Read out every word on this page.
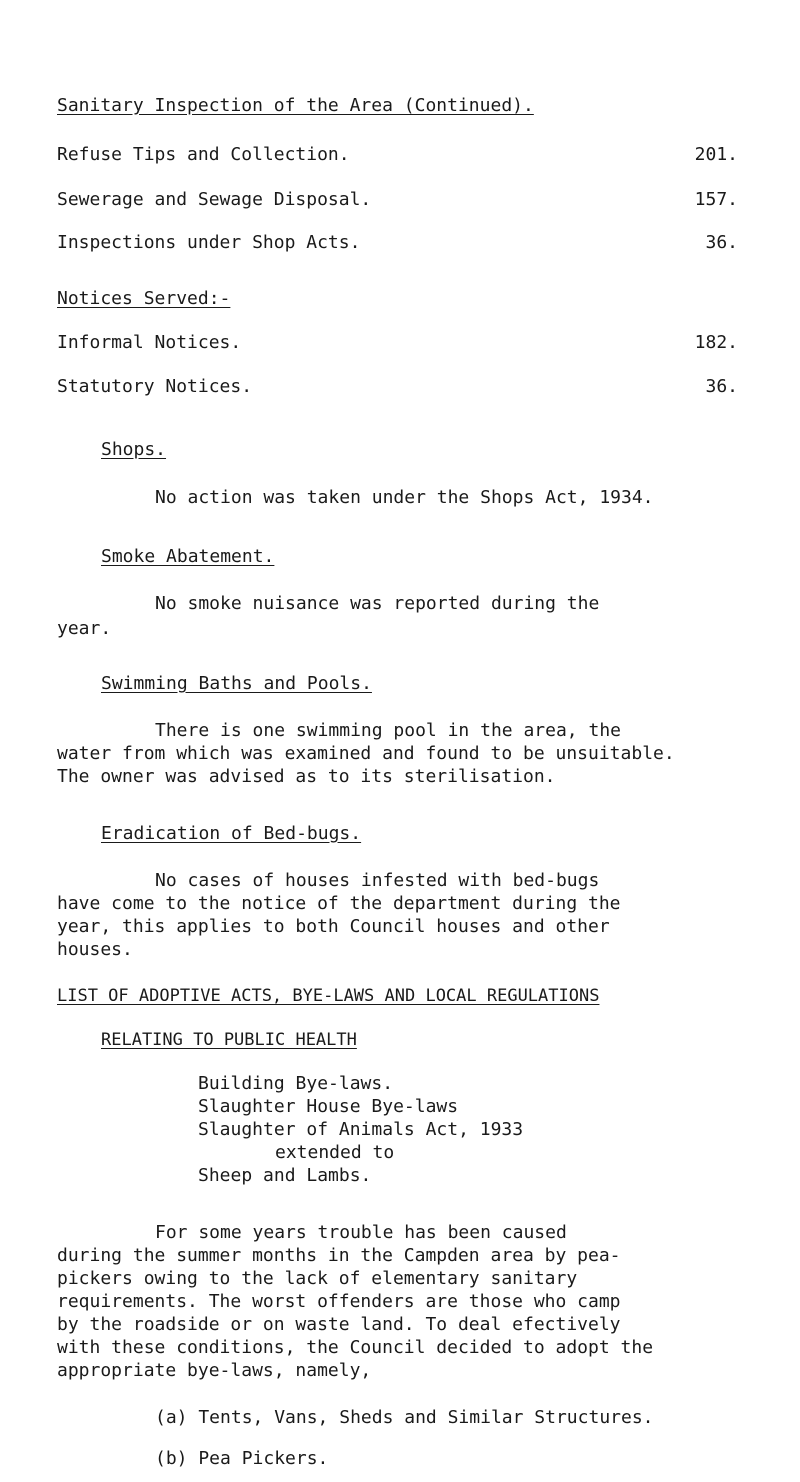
Sanitary Inspection of the Area (Continued).
Refuse Tips and Collection.	201.
Sewerage and Sewage Disposal.	157.
Inspections under Shop Acts.	36.
Notices Served:-
Informal Notices.	182.
Statutory Notices.	36.
Shops.
No action was taken under the Shops Act, 1934.
Smoke Abatement.
No smoke nuisance was reported during the
year.
Swimming Baths and Pools.
There is one swimming pool in the area, the
water from which was examined and found to be unsuitable.
The owner was advised as to its sterilisation.
Eradication of Bed-bugs.
No cases of houses infested with bed-bugs
have come to the notice of the department during the
year, this applies to both Council houses and other
houses.
LIST OF ADOPTIVE ACTS, BYE-LAWS AND LOCAL REGULATIONS
RELATING TO PUBLIC HEALTH
Building Bye-laws.
Slaughter House Bye-laws
Slaughter of Animals Act, 1933
extended to
Sheep and Lambs.
For some years trouble has been caused
during the summer months in the Campden area by pea-
pickers owing to the lack of elementary sanitary
requirements. The worst offenders are those who camp
by the roadside or on waste land. To deal efectively
with these conditions, the Council decided to adopt the
appropriate bye-laws, namely,
(a) Tents, Vans, Sheds and Similar Structures.
(b) Pea Pickers.
